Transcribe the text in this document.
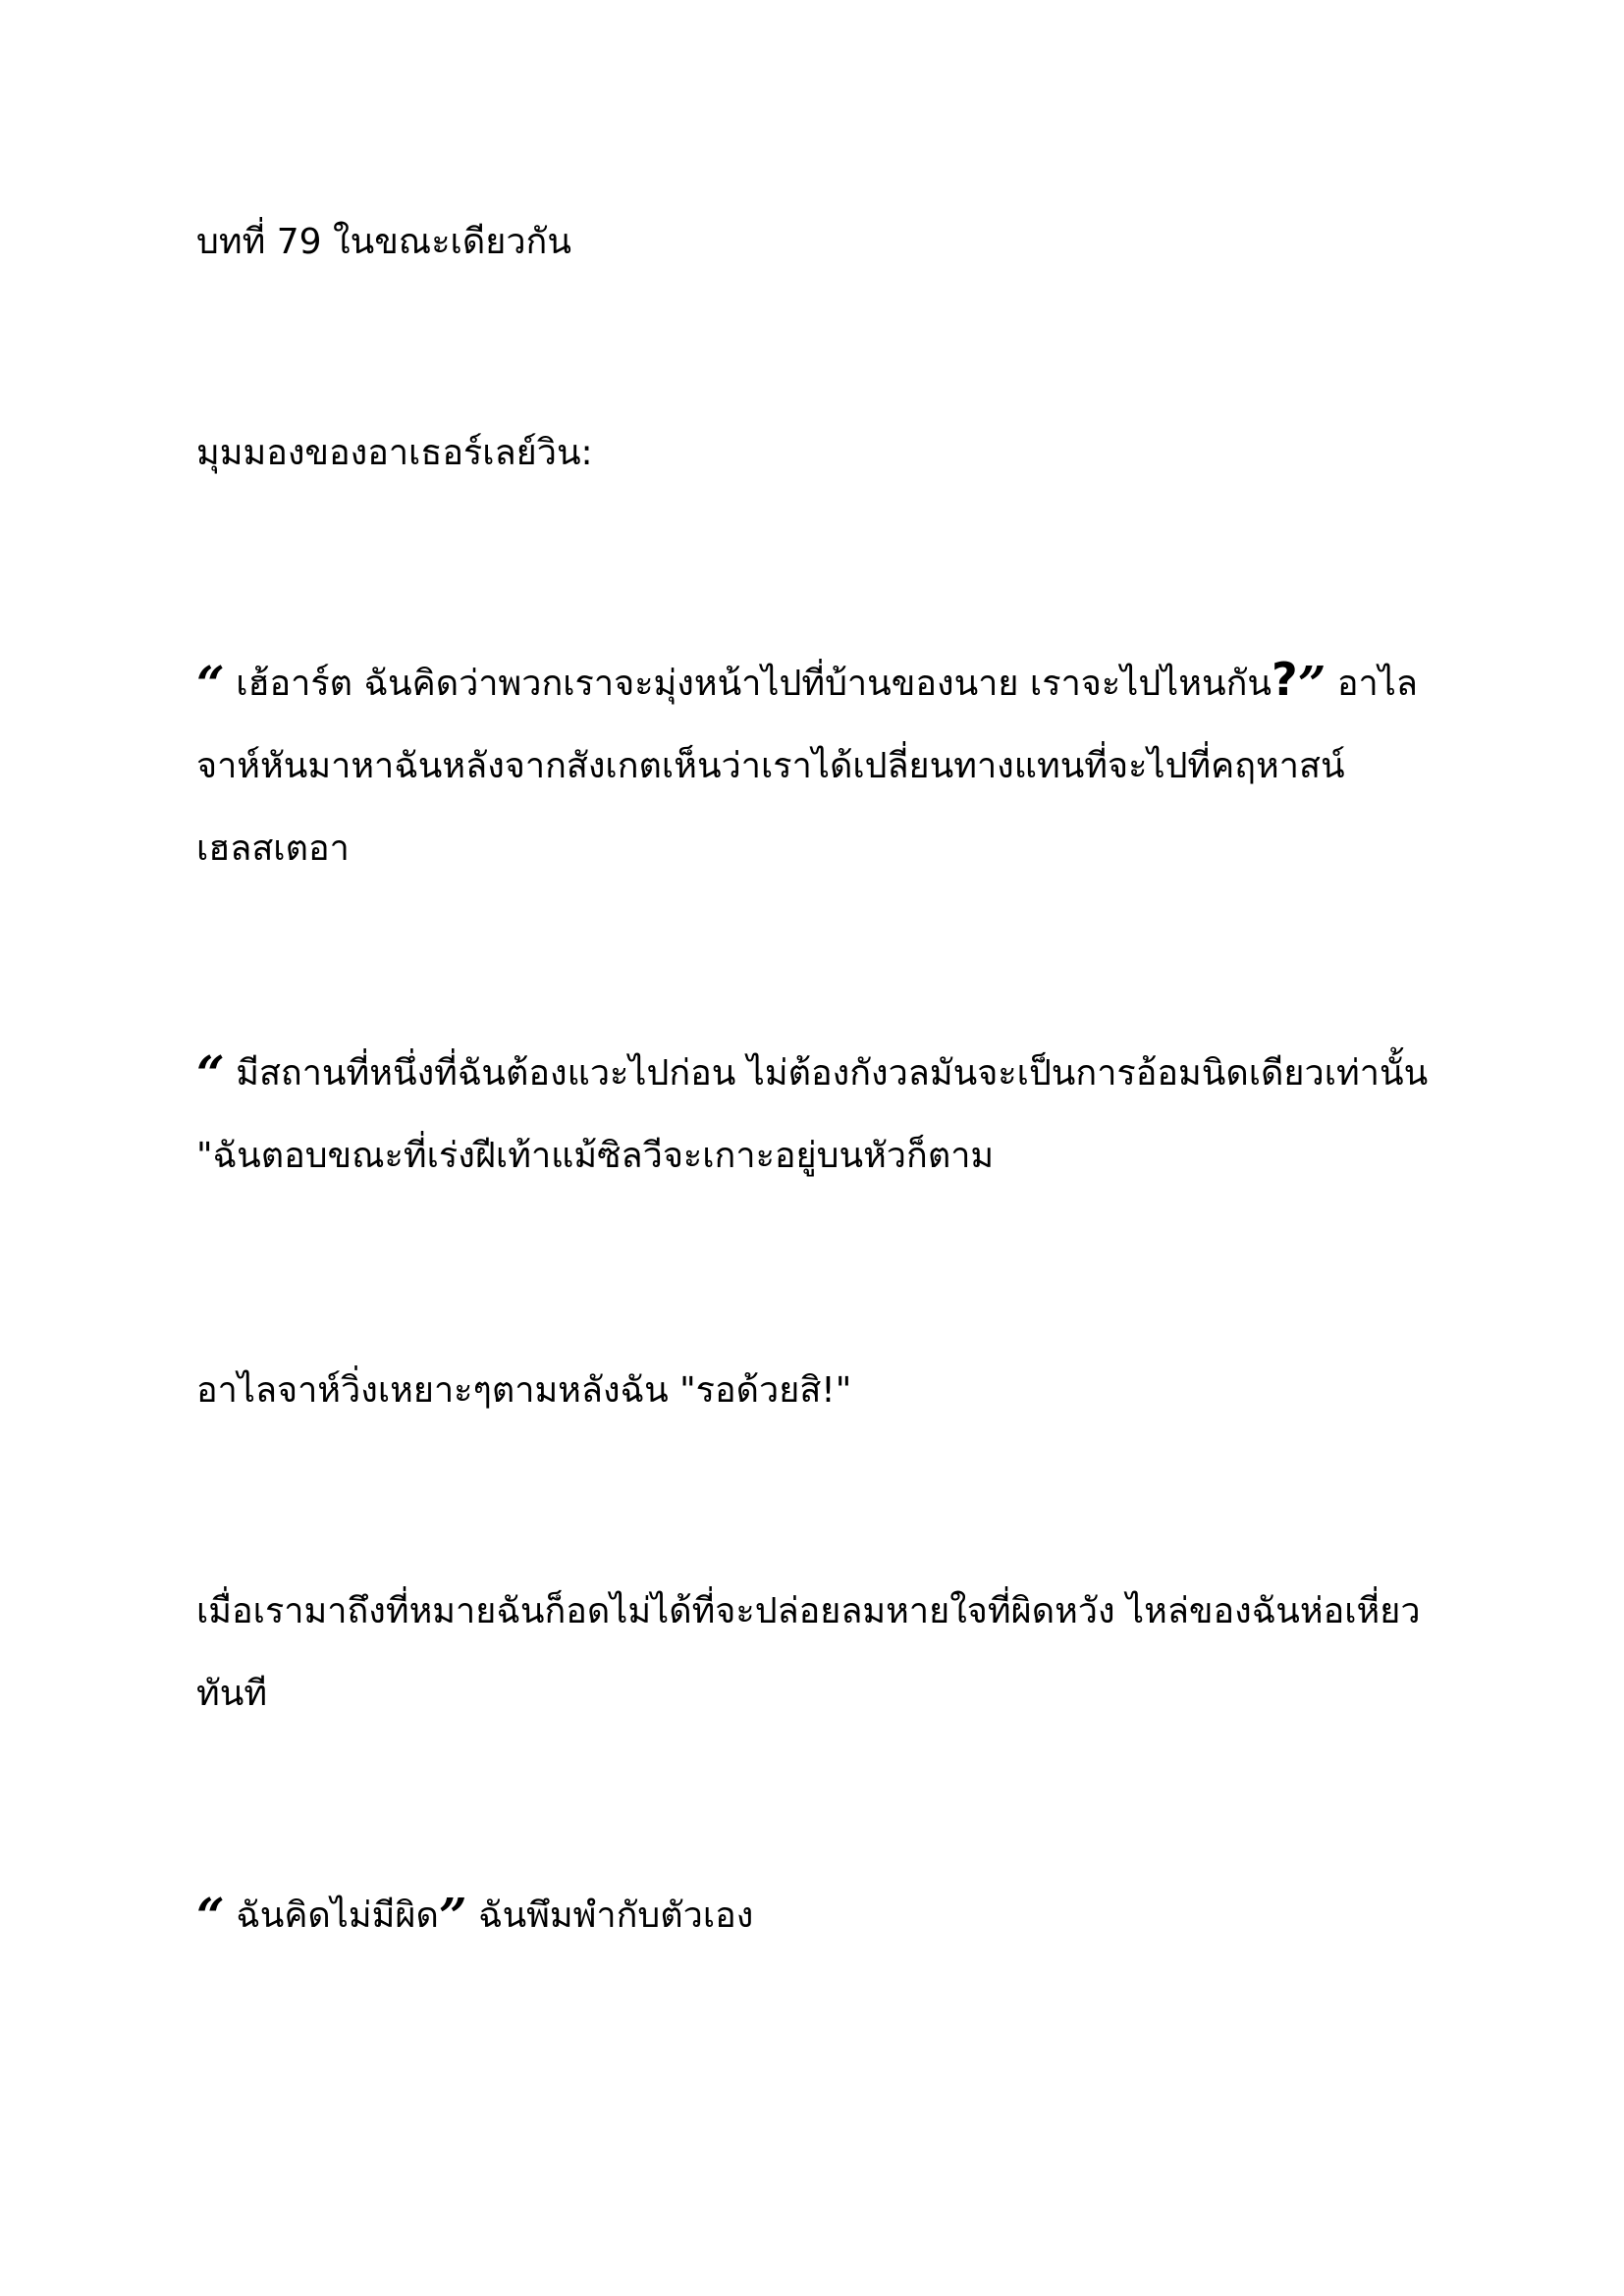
บทที่ 79 ในขณะเดียวกัน
มุมมองของอาเธอร์เลย์วิน:
“ เฮ้อาร์ต ฉันคิดว่าพวกเราจะมุ่งหน้าไปที่บ้านของนาย เราจะไปไหนกัน?” อาไล
จาห์หันมาหาฉันหลังจากสังเกตเห็นว่าเราได้เปลี่ยนทางแทนที่จะไปที่คฤหาสน์
เฮลสเตอา
“ มีสถานที่หนึ่งที่ฉันต้องแวะไปก่อน ไม่ต้องกังวลมันจะเป็นการอ้อมนิดเดียวเท่านั้น
"ฉันตอบขณะที่เร่งฝีเท้าแม้ซิลวีจะเกาะอยู่บนหัวก็ตาม
อาไลจาห์วิ่งเหยาะๆตามหลังฉัน "รอด้วยสิ!"
เมื่อเรามาถึงที่หมายฉันก็อดไม่ได้ที่จะปล่อยลมหายใจที่ผิดหวัง ไหล่ของฉันห่อเหี่ยว
ทันที
“ ฉันคิดไม่มีผิด” ฉันพึมพำกับตัวเอง
